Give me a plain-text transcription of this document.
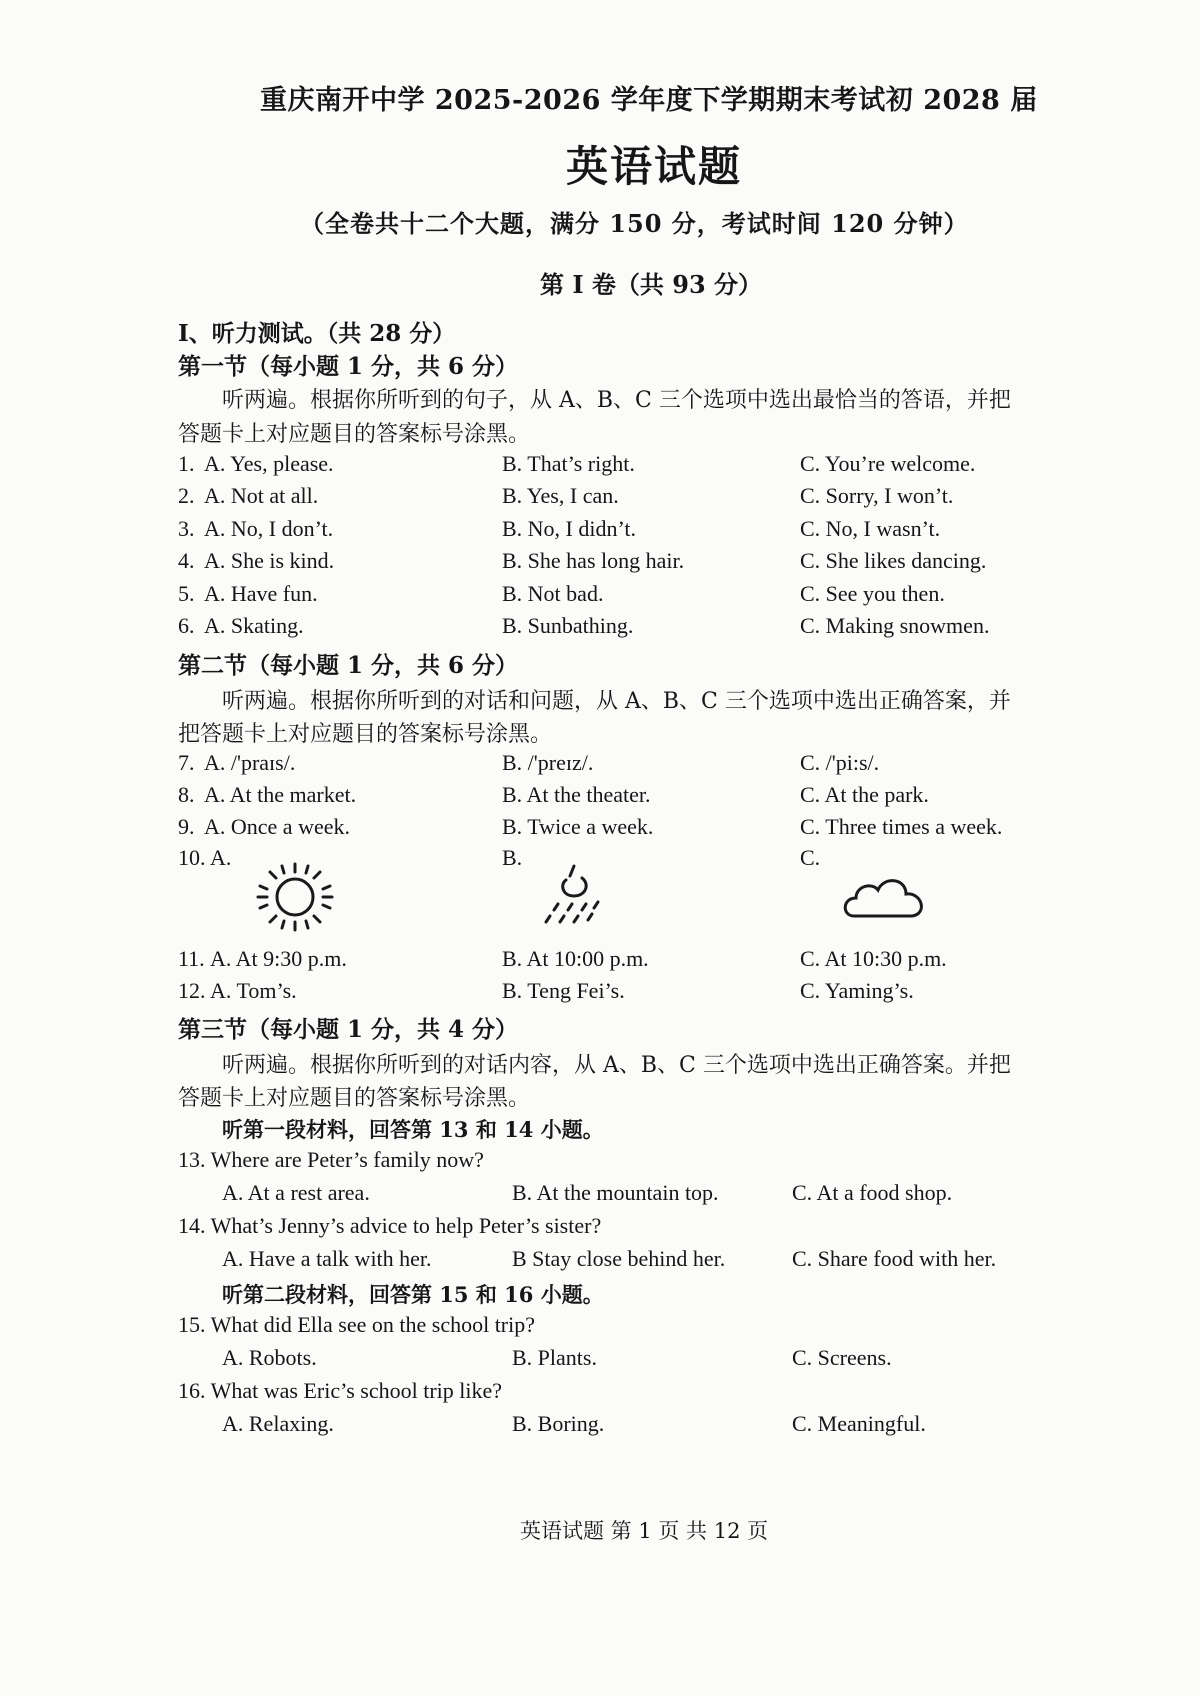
重庆南开中学 2025-2026 学年度下学期期末考试初 2028 届
英语试题
（全卷共十二个大题，满分 150 分，考试时间 120 分钟）
第 I 卷（共 93 分）
I、听力测试。（共 28 分）
第一节（每小题 1 分，共 6 分）
听两遍。根据你所听到的句子，从 A、B、C 三个选项中选出最恰当的答语，并把
答题卡上对应题目的答案标号涂黑。
1. A. Yes, please.	B. That’s right.	C. You’re welcome.
2. A. Not at all.	B. Yes, I can.	C. Sorry, I won’t.
3. A. No, I don’t.	B. No, I didn’t.	C. No, I wasn’t.
4. A. She is kind.	B. She has long hair.	C. She likes dancing.
5. A. Have fun.	B. Not bad.	C. See you then.
6. A. Skating.	B. Sunbathing.	C. Making snowmen.
第二节（每小题 1 分，共 6 分）
听两遍。根据你所听到的对话和问题，从 A、B、C 三个选项中选出正确答案，并
把答题卡上对应题目的答案标号涂黑。
7. A. /'praɪs/.	B. /'preɪz/.	C. /'pi:s/.
8. A. At the market.	B. At the theater.	C. At the park.
9. A. Once a week.	B. Twice a week.	C. Three times a week.
10. A.	B.	C.
11. A. At 9:30 p.m.	B. At 10:00 p.m.	C. At 10:30 p.m.
12. A. Tom’s.	B. Teng Fei’s.	C. Yaming’s.
第三节（每小题 1 分，共 4 分）
听两遍。根据你所听到的对话内容，从 A、B、C 三个选项中选出正确答案。并把
答题卡上对应题目的答案标号涂黑。
听第一段材料，回答第 13 和 14 小题。
13. Where are Peter’s family now?
A. At a rest area.	B. At the mountain top.	C. At a food shop.
14. What’s Jenny’s advice to help Peter’s sister?
A. Have a talk with her.	B Stay close behind her.	C. Share food with her.
听第二段材料，回答第 15 和 16 小题。
15. What did Ella see on the school trip?
A. Robots.	B. Plants.	C. Screens.
16. What was Eric’s school trip like?
A. Relaxing.	B. Boring.	C. Meaningful.
英语试题 第 1 页 共 12 页
